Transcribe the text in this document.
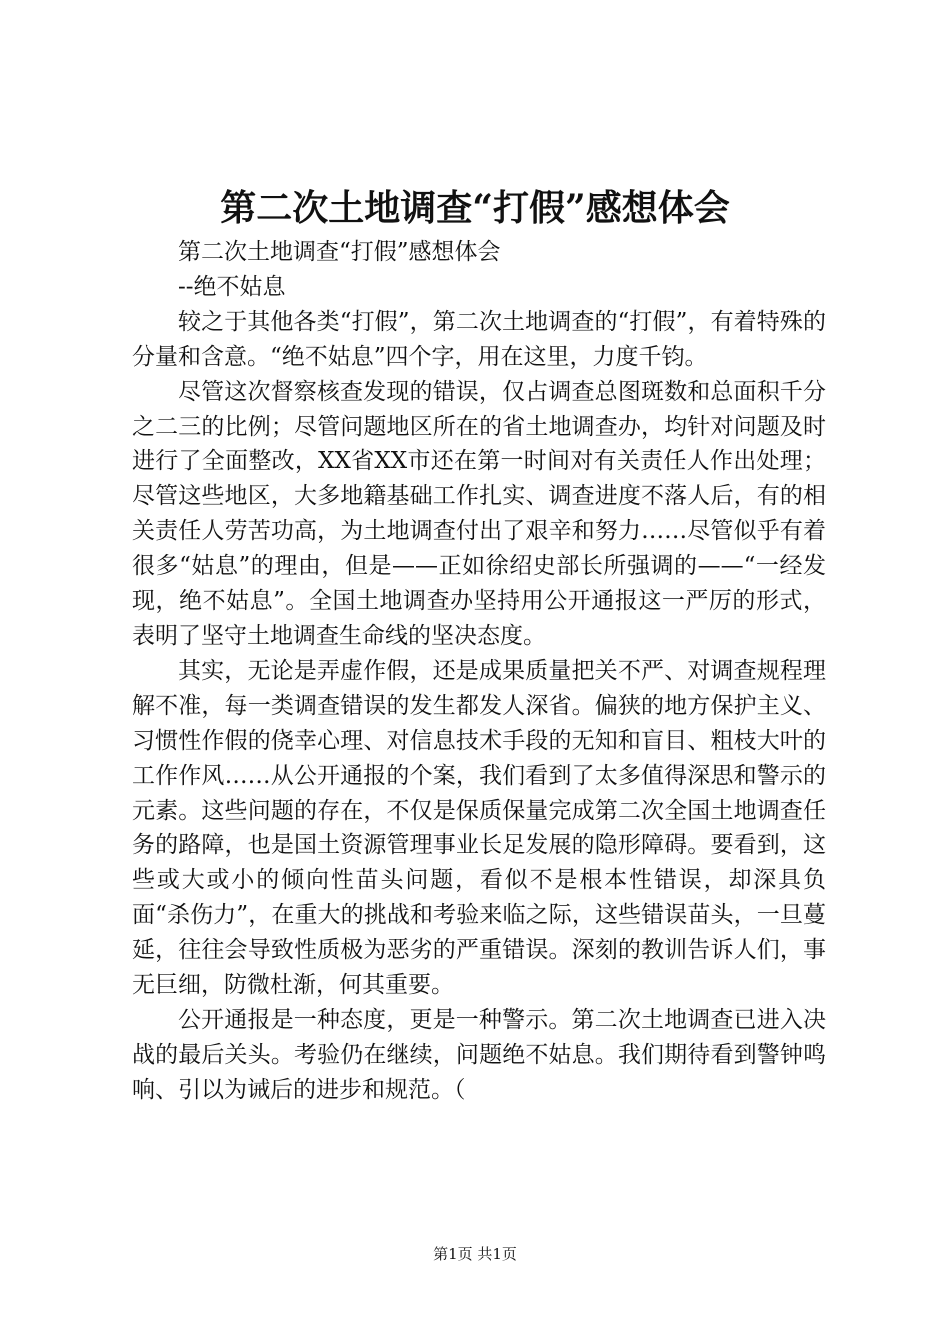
第二次土地调查“打假”感想体会

第二次土地调查“打假”感想体会

--绝不姑息

较之于其他各类“打假”，第二次土地调查的“打假”，有着特殊的分量和含意。“绝不姑息”四个字，用在这里，力度千钧。

尽管这次督察核查发现的错误，仅占调查总图斑数和总面积千分之二三的比例；尽管问题地区所在的省土地调查办，均针对问题及时进行了全面整改，XX省XX市还在第一时间对有关责任人作出处理；尽管这些地区，大多地籍基础工作扎实、调查进度不落人后，有的相关责任人劳苦功高，为土地调查付出了艰辛和努力……尽管似乎有着很多“姑息”的理由，但是——正如徐绍史部长所强调的——“一经发现，绝不姑息”。全国土地调查办坚持用公开通报这一严厉的形式，表明了坚守土地调查生命线的坚决态度。

其实，无论是弄虚作假，还是成果质量把关不严、对调查规程理解不准，每一类调查错误的发生都发人深省。偏狭的地方保护主义、习惯性作假的侥幸心理、对信息技术手段的无知和盲目、粗枝大叶的工作作风……从公开通报的个案，我们看到了太多值得深思和警示的元素。这些问题的存在，不仅是保质保量完成第二次全国土地调查任务的路障，也是国土资源管理事业长足发展的隐形障碍。要看到，这些或大或小的倾向性苗头问题，看似不是根本性错误，却深具负面“杀伤力”，在重大的挑战和考验来临之际，这些错误苗头，一旦蔓延，往往会导致性质极为恶劣的严重错误。深刻的教训告诉人们，事无巨细，防微杜渐，何其重要。

公开通报是一种态度，更是一种警示。第二次土地调查已进入决战的最后关头。考验仍在继续，问题绝不姑息。我们期待看到警钟鸣响、引以为诫后的进步和规范。（

第1页 共1页
